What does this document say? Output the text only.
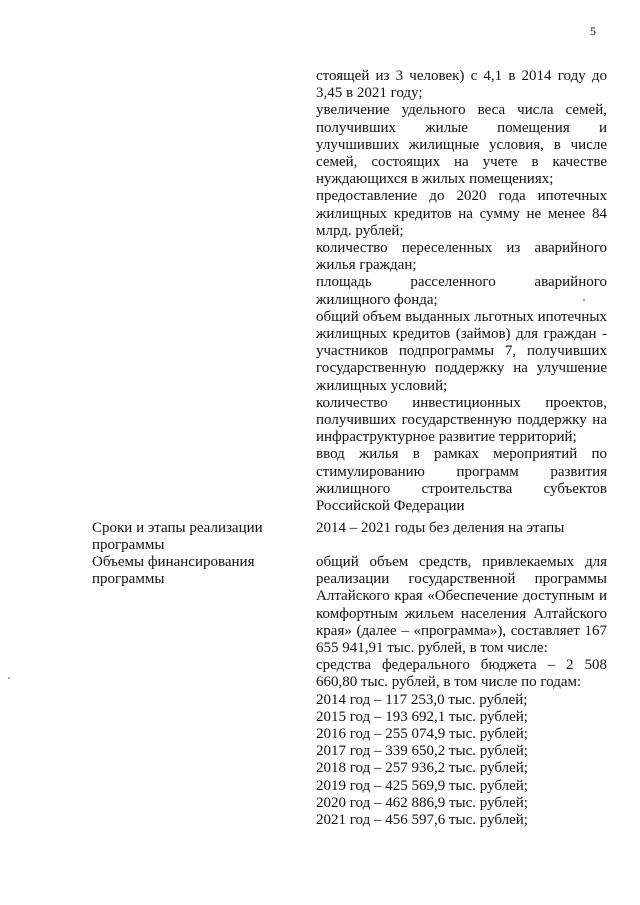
5

стоящей из 3 человек) с 4,1 в 2014 году до 3,45 в 2021 году;

увеличение удельного веса числа семей, получивших жилые помещения и улучшивших жилищные условия, в числе семей, состоящих на учете в качестве нуждающихся в жилых помещениях;

предоставление до 2020 года ипотечных жилищных кредитов на сумму не менее 84 млрд. рублей;

количество переселенных из аварийного жилья граждан;

площадь расселенного аварийного жилищного фонда;

общий объем выданных льготных ипотечных жилищных кредитов (займов) для граждан - участников подпрограммы 7, получивших государственную поддержку на улучшение жилищных условий;

количество инвестиционных проектов, получивших государственную поддержку на инфраструктурное развитие территорий;

ввод жилья в рамках мероприятий по стимулированию программ развития жилищного строительства субъектов Российской Федерации

Сроки и этапы реализации программы

2014 – 2021 годы без деления на этапы

Объемы финансирования программы

общий объем средств, привлекаемых для реализации государственной программы Алтайского края «Обеспечение доступным и комфортным жильем населения Алтайского края» (далее – «программа»), составляет 167 655 941,91 тыс. рублей, в том числе:

средства федерального бюджета – 2 508 660,80 тыс. рублей, в том числе по годам:

2014 год – 117 253,0 тыс. рублей;

2015 год – 193 692,1 тыс. рублей;

2016 год – 255 074,9 тыс. рублей;

2017 год – 339 650,2 тыс. рублей;

2018 год – 257 936,2 тыс. рублей;

2019 год – 425 569,9 тыс. рублей;

2020 год – 462 886,9 тыс. рублей;

2021 год – 456 597,6 тыс. рублей;
